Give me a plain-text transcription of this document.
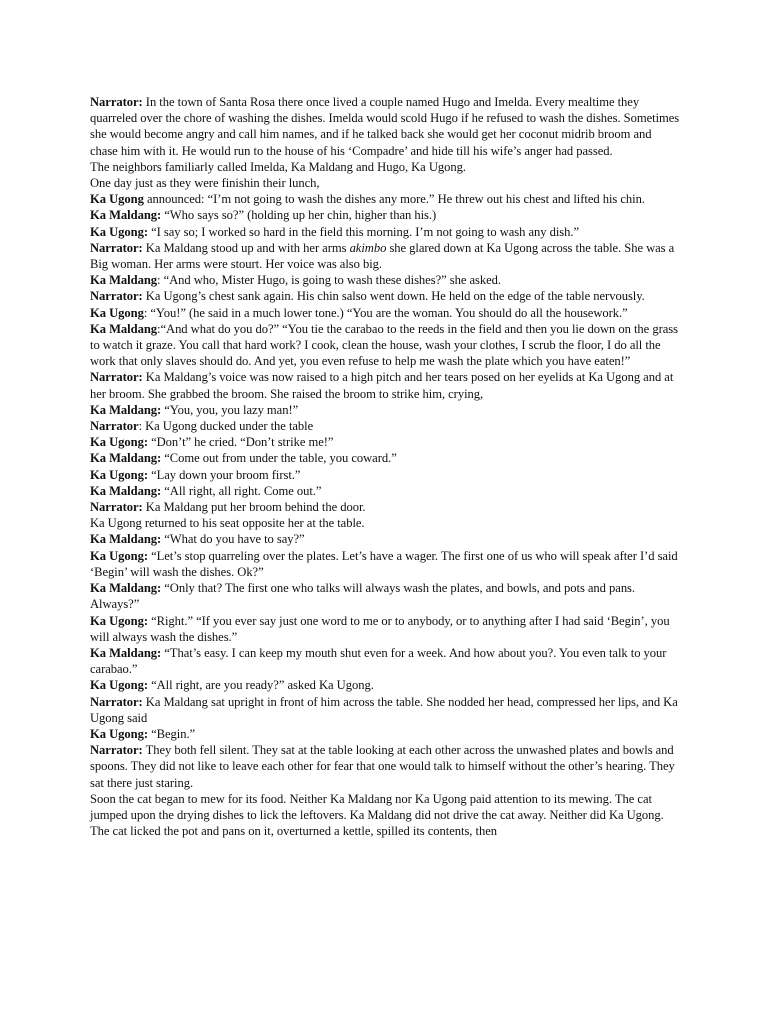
Narrator: In the town of Santa Rosa there once lived a couple named Hugo and Imelda. Every mealtime they quarreled over the chore of washing the dishes. Imelda would scold Hugo if he refused to wash the dishes. Sometimes she would become angry and call him names, and if he talked back she would get her coconut midrib broom and chase him with it. He would run to the house of his ‘Compadre’ and hide till his wife’s anger had passed.

The neighbors familiarly called Imelda, Ka Maldang and Hugo, Ka Ugong.

One day just as they were finishin their lunch,

Ka Ugong announced: “I’m not going to wash the dishes any more.” He threw out his chest and lifted his chin.

Ka Maldang: “Who says so?” (holding up her chin, higher than his.)

Ka Ugong: “I say so; I worked so hard in the field this morning. I’m not going to wash any dish.”

Narrator: Ka Maldang stood up and with her arms akimbo she glared down at Ka Ugong across the table. She was a Big woman. Her arms were stourt. Her voice was also big.

Ka Maldang: “And who, Mister Hugo, is going to wash these dishes?” she asked.

Narrator: Ka Ugong’s chest sank again. His chin salso went down. He held on the edge of the table nervously.

Ka Ugong: “You!” (he said in a much lower tone.) “You are the woman. You should do all the housework.”

Ka Maldang:“And what do you do?” “You tie the carabao to the reeds in the field and then you lie down on the grass to watch it graze. You call that hard work? I cook, clean the house, wash your clothes, I scrub the floor, I do all the work that only slaves should do. And yet, you even refuse to help me wash the plate which you have eaten!”

Narrator: Ka Maldang’s voice was now raised to a high pitch and her tears posed on her eyelids at Ka Ugong and at her broom. She grabbed the broom. She raised the broom to strike him, crying,

Ka Maldang: “You, you, you lazy man!”

Narrator: Ka Ugong ducked under the table

Ka Ugong: “Don’t” he cried. “Don’t strike me!”

Ka Maldang: “Come out from under the table, you coward.”

Ka Ugong: “Lay down your broom first.”

Ka Maldang: “All right, all right. Come out.”

Narrator: Ka Maldang put her broom behind the door.

Ka Ugong returned to his seat opposite her at the table.

Ka Maldang: “What do you have to say?”

Ka Ugong: “Let’s stop quarreling over the plates. Let’s have a wager. The first one of us who will speak after I’d said ‘Begin’ will wash the dishes. Ok?”

Ka Maldang: “Only that? The first one who talks will always wash the plates, and bowls, and pots and pans. Always?”

Ka Ugong: “Right.” “If you ever say just one word to me or to anybody, or to anything after I had said ‘Begin’, you will always wash the dishes.”

Ka Maldang: “That’s easy. I can keep my mouth shut even for a week. And how about you?. You even talk to your carabao.”

Ka Ugong: “All right, are you ready?” asked Ka Ugong.

Narrator: Ka Maldang sat upright in front of him across the table. She nodded her head, compressed her lips, and Ka Ugong said

Ka Ugong: “Begin.”

Narrator: They both fell silent. They sat at the table looking at each other across the unwashed plates and bowls and spoons. They did not like to leave each other for fear that one would talk to himself without the other’s hearing. They sat there just staring.

Soon the cat began to mew for its food. Neither Ka Maldang nor Ka Ugong paid attention to its mewing. The cat jumped upon the drying dishes to lick the leftovers. Ka Maldang did not drive the cat away. Neither did Ka Ugong. The cat licked the pot and pans on it, overturned a kettle, spilled its contents, then
